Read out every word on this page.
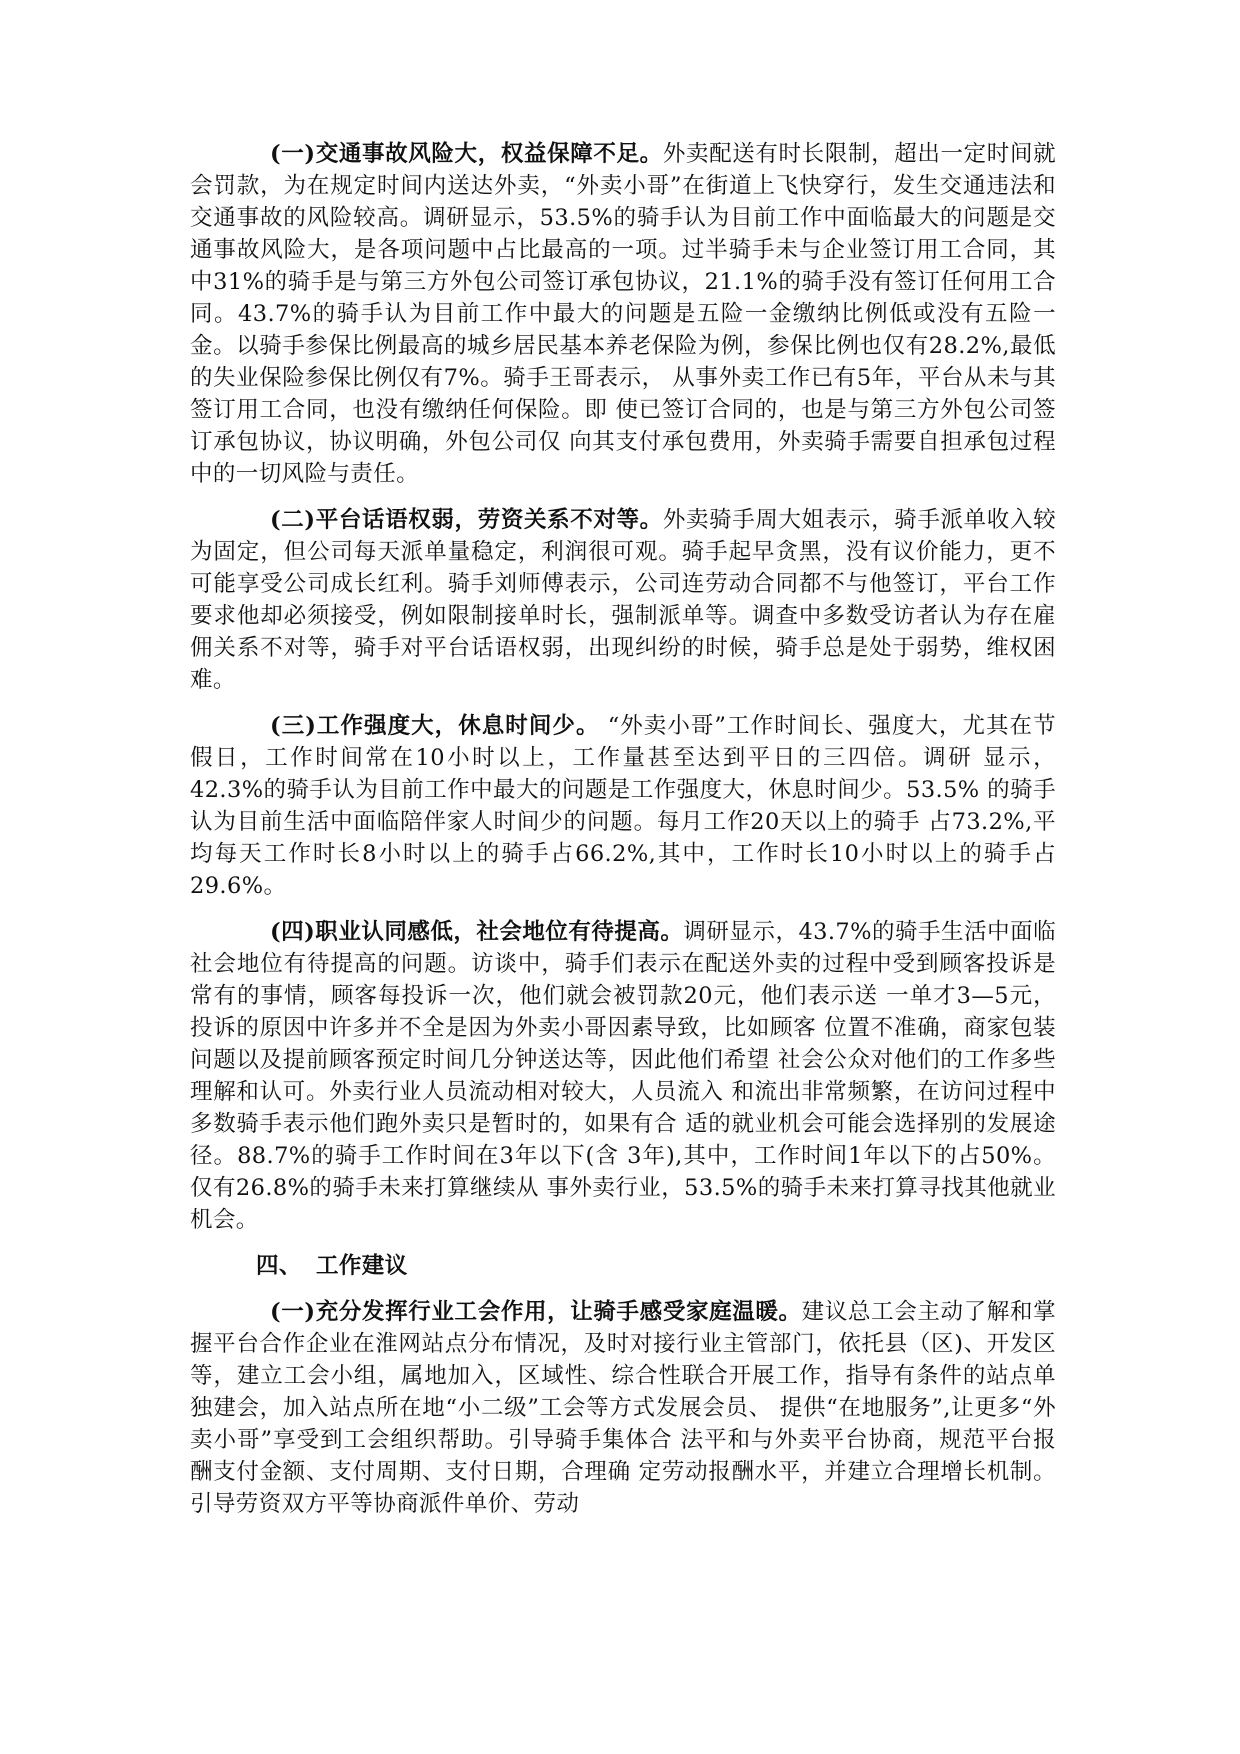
(一)交通事故风险大，权益保障不足。外卖配送有时长限制，超出一定时间就会罚款，为在规定时间内送达外卖，“外卖小哥”在街道上飞快穿行，发生交通违法和交通事故的风险较高。调研显示，53.5%的骑手认为目前工作中面临最大的问题是交通事故风险大，是各项问题中占比最高的一项。过半骑手未与企业签订用工合同，其中31%的骑手是与第三方外包公司签订承包协议，21.1%的骑手没有签订任何用工合同。43.7%的骑手认为目前工作中最大的问题是五险一金缴纳比例低或没有五险一金。以骑手参保比例最高的城乡居民基本养老保险为例，参保比例也仅有28.2%,最低的失业保险参保比例仅有7%。骑手王哥表示， 从事外卖工作已有5年，平台从未与其签订用工合同，也没有缴纳任何保险。即 使已签订合同的，也是与第三方外包公司签订承包协议，协议明确，外包公司仅 向其支付承包费用，外卖骑手需要自担承包过程中的一切风险与责任。

(二)平台话语权弱，劳资关系不对等。外卖骑手周大姐表示，骑手派单收入较为固定，但公司每天派单量稳定，利润很可观。骑手起早贪黑，没有议价能力，更不可能享受公司成长红利。骑手刘师傅表示，公司连劳动合同都不与他签订，平台工作要求他却必须接受，例如限制接单时长，强制派单等。调查中多数受访者认为存在雇佣关系不对等，骑手对平台话语权弱，出现纠纷的时候，骑手总是处于弱势，维权困难。

(三)工作强度大，休息时间少。 “外卖小哥”工作时间长、强度大，尤其在节假日，工作时间常在10小时以上，工作量甚至达到平日的三四倍。调研 显示，42.3%的骑手认为目前工作中最大的问题是工作强度大，休息时间少。53.5% 的骑手认为目前生活中面临陪伴家人时间少的问题。每月工作20天以上的骑手 占73.2%,平均每天工作时长8小时以上的骑手占66.2%,其中，工作时长10小时以上的骑手占29.6%。

(四)职业认同感低，社会地位有待提高。调研显示，43.7%的骑手生活中面临社会地位有待提高的问题。访谈中，骑手们表示在配送外卖的过程中受到顾客投诉是常有的事情，顾客每投诉一次，他们就会被罚款20元，他们表示送 一单才3—5元，投诉的原因中许多并不全是因为外卖小哥因素导致，比如顾客 位置不准确，商家包装问题以及提前顾客预定时间几分钟送达等，因此他们希望 社会公众对他们的工作多些理解和认可。外卖行业人员流动相对较大，人员流入 和流出非常频繁，在访问过程中多数骑手表示他们跑外卖只是暂时的，如果有合 适的就业机会可能会选择别的发展途径。88.7%的骑手工作时间在3年以下(含 3年),其中，工作时间1年以下的占50%。仅有26.8%的骑手未来打算继续从 事外卖行业，53.5%的骑手未来打算寻找其他就业机会。

四、 工作建议

(一)充分发挥行业工会作用，让骑手感受家庭温暖。建议总工会主动了解和掌握平台合作企业在淮网站点分布情况，及时对接行业主管部门，依托县（区)、开发区等，建立工会小组，属地加入，区域性、综合性联合开展工作，指导有条件的站点单独建会，加入站点所在地“小二级”工会等方式发展会员、 提供“在地服务”,让更多“外卖小哥”享受到工会组织帮助。引导骑手集体合 法平和与外卖平台协商，规范平台报酬支付金额、支付周期、支付日期，合理确 定劳动报酬水平，并建立合理增长机制。引导劳资双方平等协商派件单价、劳动
